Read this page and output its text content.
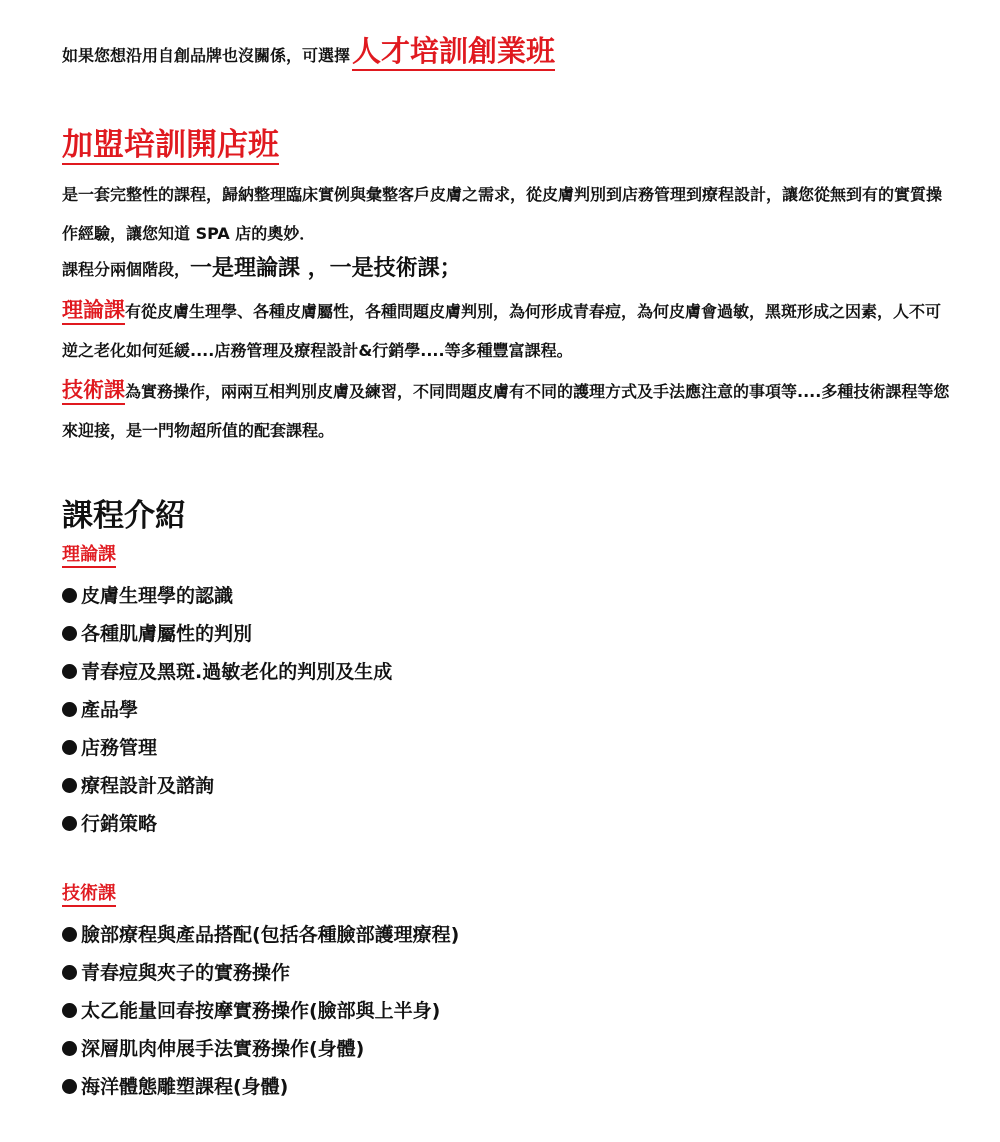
如果您想沿用自創品牌也沒關係，可選擇人才培訓創業班
加盟培訓開店班
是一套完整性的課程，歸納整理臨床實例與彙整客戶皮膚之需求，從皮膚判別到店務管理到療程設計，讓您從無到有的實質操作經驗，讓您知道 SPA 店的奧妙．
課程分兩個階段，一是理論課 ，一是技術課；
理論課有從皮膚生理學、各種皮膚屬性，各種問題皮膚判別，為何形成青春痘，為何皮膚會過敏，黑斑形成之因素，人不可逆之老化如何延緩....店務管理及療程設計&行銷學....等多種豐富課程。
技術課為實務操作，兩兩互相判別皮膚及練習，不同問題皮膚有不同的護理方式及手法應注意的事項等....多種技術課程等您來迎接，是一門物超所值的配套課程。
課程介紹
理論課
皮膚生理學的認識
各種肌膚屬性的判別
青春痘及黑斑.過敏老化的判別及生成
產品學
店務管理
療程設計及諮詢
行銷策略
技術課
臉部療程與產品搭配(包括各種臉部護理療程)
青春痘與夾子的實務操作
太乙能量回春按摩實務操作(臉部與上半身)
深層肌肉伸展手法實務操作(身體)
海洋體態雕塑課程(身體)
